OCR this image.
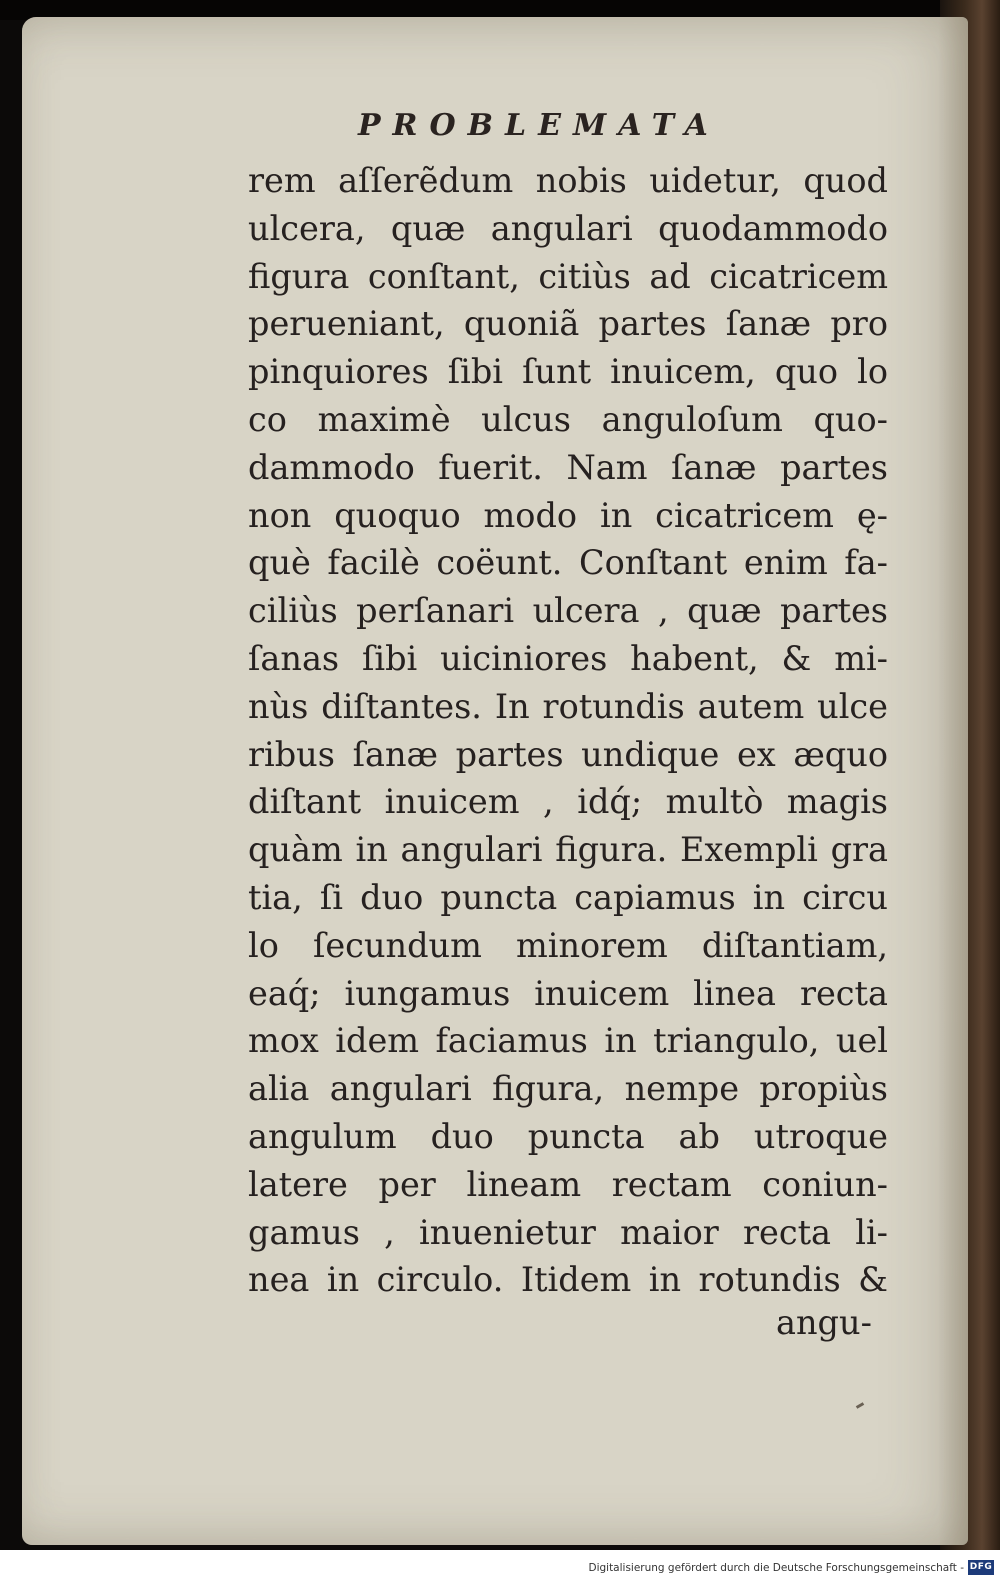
PROBLEMATA
rem aſſerẽdum nobis uidetur, quod
ulcera, quæ angulari quodammodo
figura conſtant, citiùs ad cicatricem
perueniant, quoniã partes ſanæ pro
pinquiores ſibi ſunt inuicem, quo lo
co maximè ulcus anguloſum quo-
dammodo fuerit. Nam ſanæ partes
non quoquo modo in cicatricem ę-
què facilè coëunt. Conſtant enim fa-
ciliùs perſanari ulcera , quæ partes
ſanas ſibi uiciniores habent, & mi-
nùs diſtantes. In rotundis autem ulce
ribus ſanæ partes undique ex æquo
diſtant inuicem , idq́; multò magis
quàm in angulari figura. Exempli gra
tia, ſi duo puncta capiamus in circu
lo ſecundum minorem diſtantiam,
eaq́; iungamus inuicem linea recta
mox idem faciamus in triangulo, uel
alia angulari figura, nempe propiùs
angulum duo puncta ab utroque
latere per lineam rectam coniun-
gamus , inuenietur maior recta li-
nea in circulo. Itidem in rotundis &
angu-
Digitalisierung gefördert durch die Deutsche Forschungsgemeinschaft - DFG
